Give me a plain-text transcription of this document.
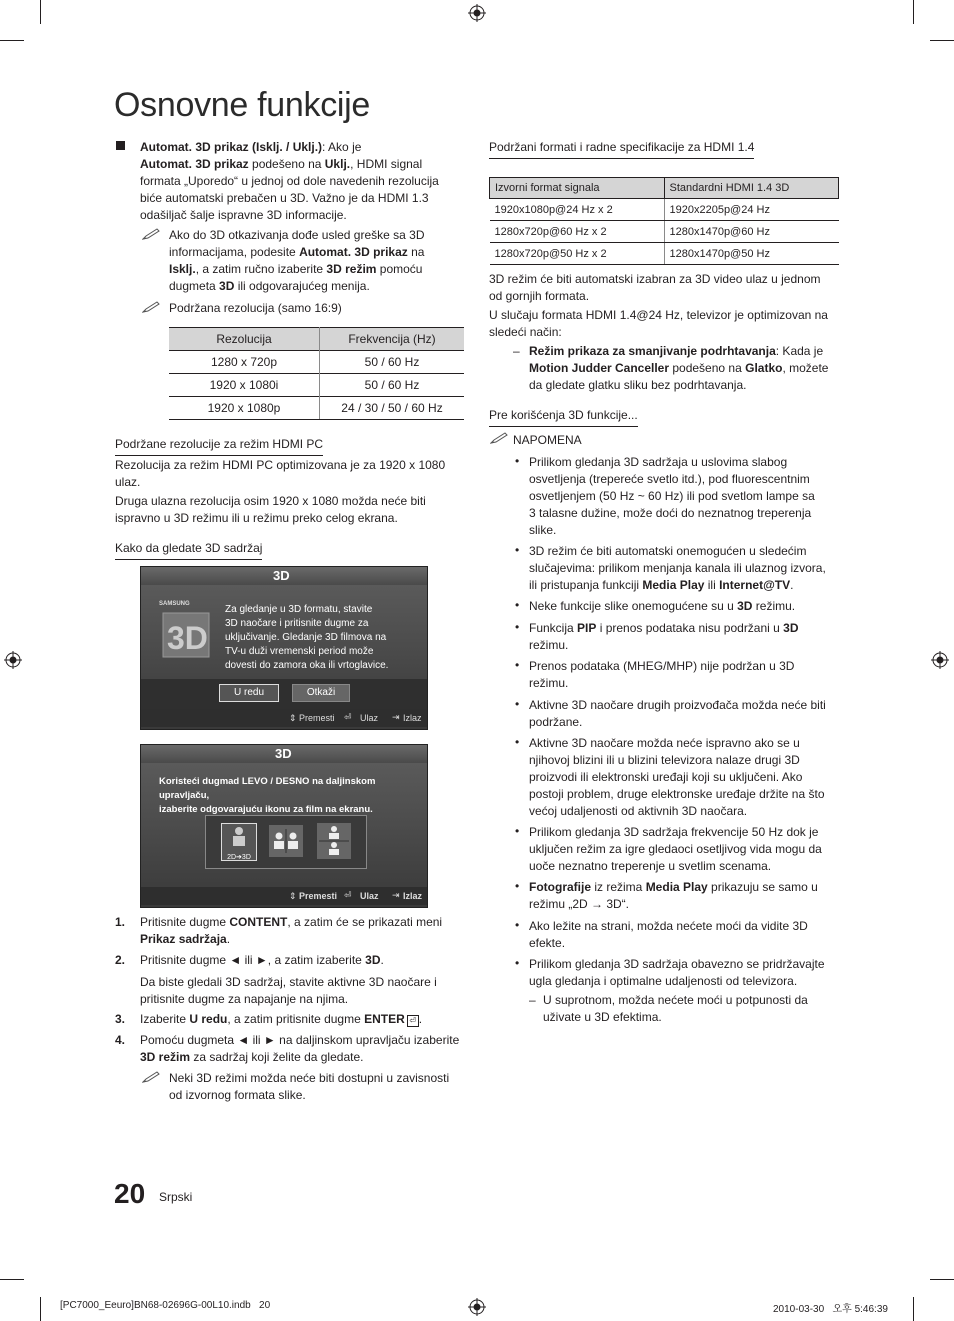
Osnovne funkcije
Automat. 3D prikaz (Isklj. / Uklj.): Ako je
Automat. 3D prikaz podešeno na Uklj., HDMI signal
formata „Uporedo“ u jednoj od dole navedenih rezolucija
biće automatski prebačen u 3D. Važno je da HDMI 1.3
odašiljač šalje ispravne 3D informacije.
Ako do 3D otkazivanja dođe usled greške sa 3D
informacijama, podesite Automat. 3D prikaz na
Isklj., a zatim ručno izaberite 3D režim pomoću
dugmeta 3D ili odgovarajućeg menija.
Podržana rezolucija (samo 16:9)
Rezolucija	Frekvencija (Hz)
1280 x 720p	50 / 60 Hz
1920 x 1080i	50 / 60 Hz
1920 x 1080p	24 / 30 / 50 / 60 Hz
Podržane rezolucije za režim HDMI PC
Rezolucija za režim HDMI PC optimizovana je za 1920 x 1080
ulaz.
Druga ulazna rezolucija osim 1920 x 1080 možda neće biti
ispravno u 3D režimu ili u režimu preko celog ekrana.
Kako da gledate 3D sadržaj
3D
SAMSUNG
3D
Za gledanje u 3D formatu, stavite
3D naočare i pritisnite dugme za
uključivanje. Gledanje 3D filmova na
TV-u duži vremenski period može
dovesti do zamora oka ili vrtoglavice.
U redu	Otkaži
⇕ Premesti ⏎ Ulaz ⇥ Izlaz
3D
Koristeći dugmad LEVO / DESNO na daljinskom upravljaču,
izaberite odgovarajuću ikonu za film na ekranu.
2D➔3D
⇕ Premesti ⏎ Ulaz ⇥ Izlaz
1. Pritisnite dugme CONTENT, a zatim će se prikazati meni
Prikaz sadržaja.
2. Pritisnite dugme ◄ ili ►, a zatim izaberite 3D.
Da biste gledali 3D sadržaj, stavite aktivne 3D naočare i
pritisnite dugme za napajanje na njima.
3. Izaberite U redu, a zatim pritisnite dugme ENTER ⏎ .
4. Pomoću dugmeta ◄ ili ► na daljinskom upravljaču izaberite
3D režim za sadržaj koji želite da gledate.
Neki 3D režimi možda neće biti dostupni u zavisnosti
od izvornog formata slike.
Podržani formati i radne specifikacije za HDMI 1.4
Izvorni format signala	Standardni HDMI 1.4 3D
1920x1080p@24 Hz x 2	1920x2205p@24 Hz
1280x720p@60 Hz x 2	1280x1470p@60 Hz
1280x720p@50 Hz x 2	1280x1470p@50 Hz
3D režim će biti automatski izabran za 3D video ulaz u jednom
od gornjih formata.
U slučaju formata HDMI 1.4@24 Hz, televizor je optimizovan na
sledeći način:
– Režim prikaza za smanjivanje podrhtavanja: Kada je
Motion Judder Canceller podešeno na Glatko, možete
da gledate glatku sliku bez podrhtavanja.
Pre korišćenja 3D funkcije...
NAPOMENA
• Prilikom gledanja 3D sadržaja u uslovima slabog
osvetljenja (trepereće svetlo itd.), pod fluorescentnim
osvetljenjem (50 Hz ~ 60 Hz) ili pod svetlom lampe sa
3 talasne dužine, može doći do neznatnog treperenja
slike.
• 3D režim će biti automatski onemogućen u sledećim
slučajevima: prilikom menjanja kanala ili ulaznog izvora,
ili pristupanja funkciji Media Play ili Internet@TV.
• Neke funkcije slike onemogućene su u 3D režimu.
• Funkcija PIP i prenos podataka nisu podržani u 3D
režimu.
• Prenos podataka (MHEG/MHP) nije podržan u 3D
režimu.
• Aktivne 3D naočare drugih proizvođača možda neće biti
podržane.
• Aktivne 3D naočare možda neće ispravno ako se u
njihovoj blizini ili u blizini televizora nalaze drugi 3D
proizvodi ili elektronski uređaji koji su uključeni. Ako
postoji problem, druge elektronske uređaje držite na što
većoj udaljenosti od aktivnih 3D naočara.
• Prilikom gledanja 3D sadržaja frekvencije 50 Hz dok je
uključen režim za igre gledaoci osetljivog vida mogu da
uoče neznatno treperenje u svetlim scenama.
• Fotografije iz režima Media Play prikazuju se samo u
režimu „2D → 3D“.
• Ako ležite na strani, možda nećete moći da vidite 3D
efekte.
• Prilikom gledanja 3D sadržaja obavezno se pridržavajte
ugla gledanja i optimalne udaljenosti od televizora.
– U suprotnom, možda nećete moći u potpunosti da
uživate u 3D efektima.
20 Srpski
[PC7000_Eeuro]BN68-02696G-00L10.indb   20	2010-03-30   오후 5:46:39
